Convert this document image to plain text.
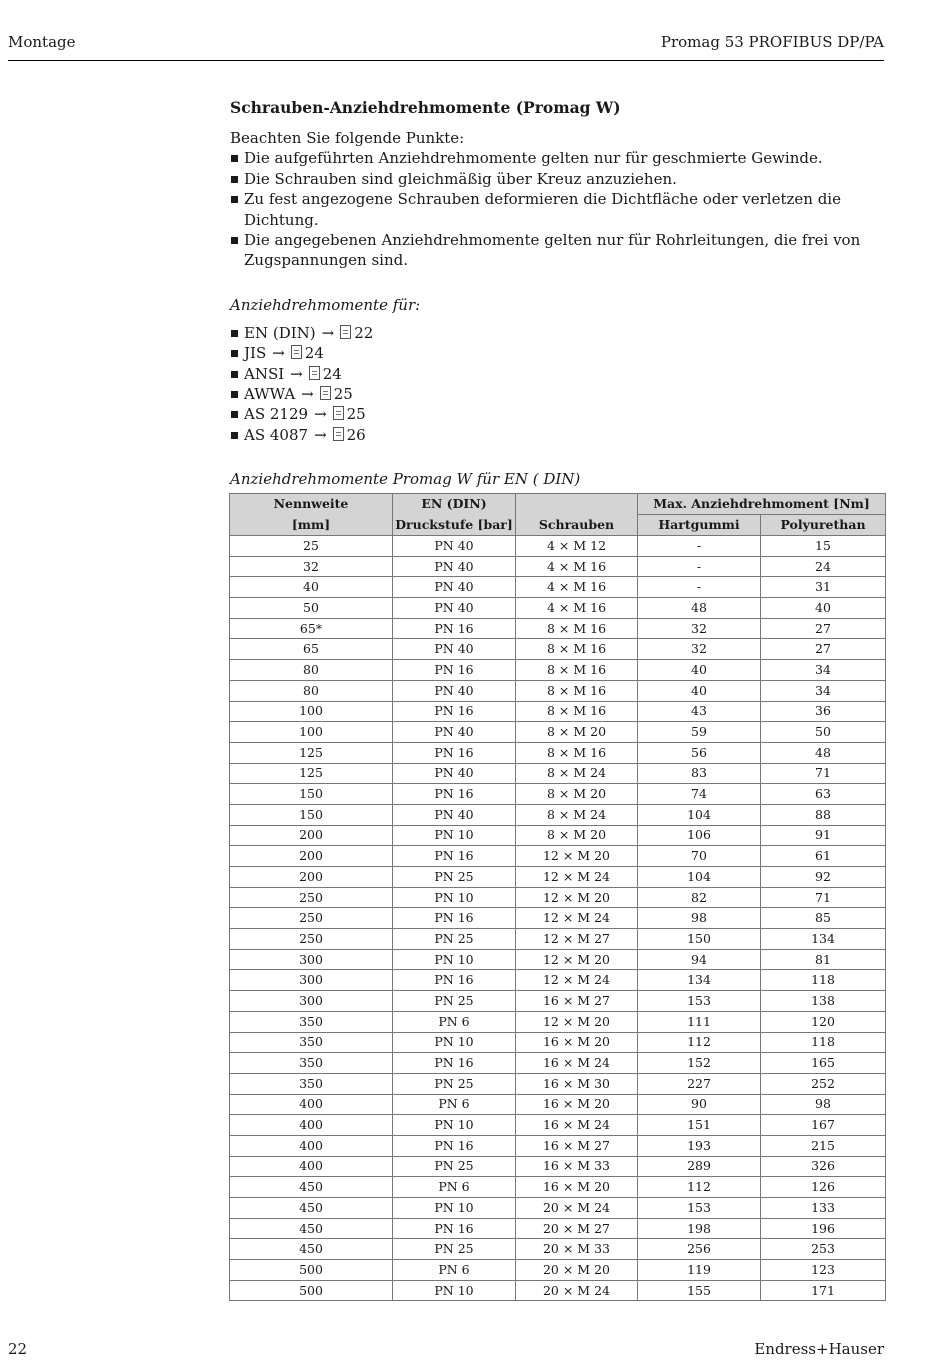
Montage	Promag 53 PROFIBUS DP/PA
Schrauben-Anziehdrehmomente (Promag W)

Beachten Sie folgende Punkte:

Die aufgeführten Anziehdrehmomente gelten nur für geschmierte Gewinde.
Die Schrauben sind gleichmäßig über Kreuz anzuziehen.
Zu fest angezogene Schrauben deformieren die Dichtfläche oder verletzen die Dichtung.
Die angegebenen Anziehdrehmomente gelten nur für Rohrleitungen, die frei von Zugspannungen sind.
Anziehdrehmomente für:
EN (DIN) → 22
JIS → 24
ANSI → 24
AWWA → 25
AS 2129 → 25
AS 4087 → 26
Anziehdrehmomente Promag W für EN ( DIN)
Nennweite	EN (DIN)		Max. Anziehdrehmoment [Nm]	
[mm]	Druckstufe [bar]	Schrauben	Hartgummi	Polyurethan
25	PN 40	4 × M 12	-	15
32	PN 40	4 × M 16	-	24
40	PN 40	4 × M 16	-	31
50	PN 40	4 × M 16	48	40
65*	PN 16	8 × M 16	32	27
65	PN 40	8 × M 16	32	27
80	PN 16	8 × M 16	40	34
80	PN 40	8 × M 16	40	34
100	PN 16	8 × M 16	43	36
100	PN 40	8 × M 20	59	50
125	PN 16	8 × M 16	56	48
125	PN 40	8 × M 24	83	71
150	PN 16	8 × M 20	74	63
150	PN 40	8 × M 24	104	88
200	PN 10	8 × M 20	106	91
200	PN 16	12 × M 20	70	61
200	PN 25	12 × M 24	104	92
250	PN 10	12 × M 20	82	71
250	PN 16	12 × M 24	98	85
250	PN 25	12 × M 27	150	134
300	PN 10	12 × M 20	94	81
300	PN 16	12 × M 24	134	118
300	PN 25	16 × M 27	153	138
350	PN 6	12 × M 20	111	120
350	PN 10	16 × M 20	112	118
350	PN 16	16 × M 24	152	165
350	PN 25	16 × M 30	227	252
400	PN 6	16 × M 20	90	98
400	PN 10	16 × M 24	151	167
400	PN 16	16 × M 27	193	215
400	PN 25	16 × M 33	289	326
450	PN 6	16 × M 20	112	126
450	PN 10	20 × M 24	153	133
450	PN 16	20 × M 27	198	196
450	PN 25	20 × M 33	256	253
500	PN 6	20 × M 20	119	123
500	PN 10	20 × M 24	155	171
22	Endress+Hauser
